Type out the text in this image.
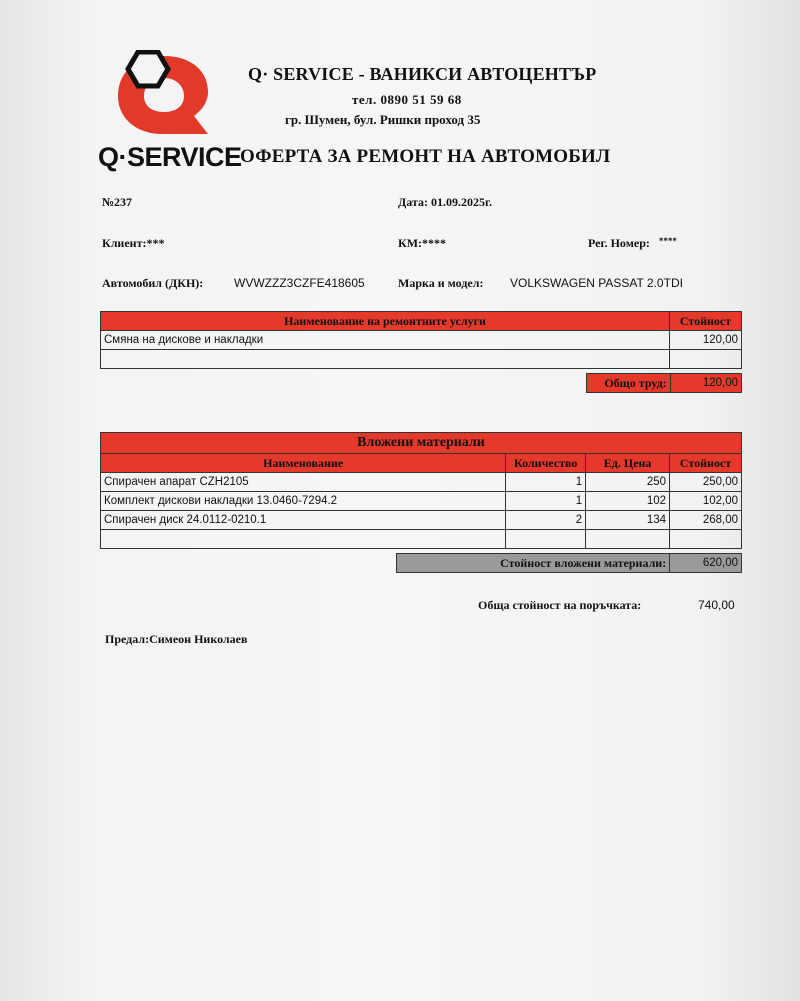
Q· SERVICE - ВАНИКСИ АВТОЦЕНТЪР
тел. 0890 51 59 68
гр. Шумен, бул. Ришки проход 35
Q·SERVICE
ОФЕРТА ЗА РЕМОНТ НА АВТОМОБИЛ
№237	Дата: 01.09.2025г.
Клиент:***	КМ:****	Рег. Номер: ****
Автомобил (ДКН):	WVWZZZ3CZFE418605	Марка и модел: VOLKSWAGEN PASSAT 2.0TDI
Наименование на ремонтните услуги	Стойност
Смяна на дискове и накладки	120,00

Общо труд:	120,00
Вложени материали			
Наименование	Количество	Ед. Цена	Стойност
Спирачен апарат CZH2105	1	250	250,00
Комплект дискови накладки 13.0460-7294.2	1	102	102,00
Спирачен диск 24.0112-0210.1	2	134	268,00

Стойност вложени материали:	620,00
Обща стойност на поръчката:	740,00
Предал:Симеон Николаев
